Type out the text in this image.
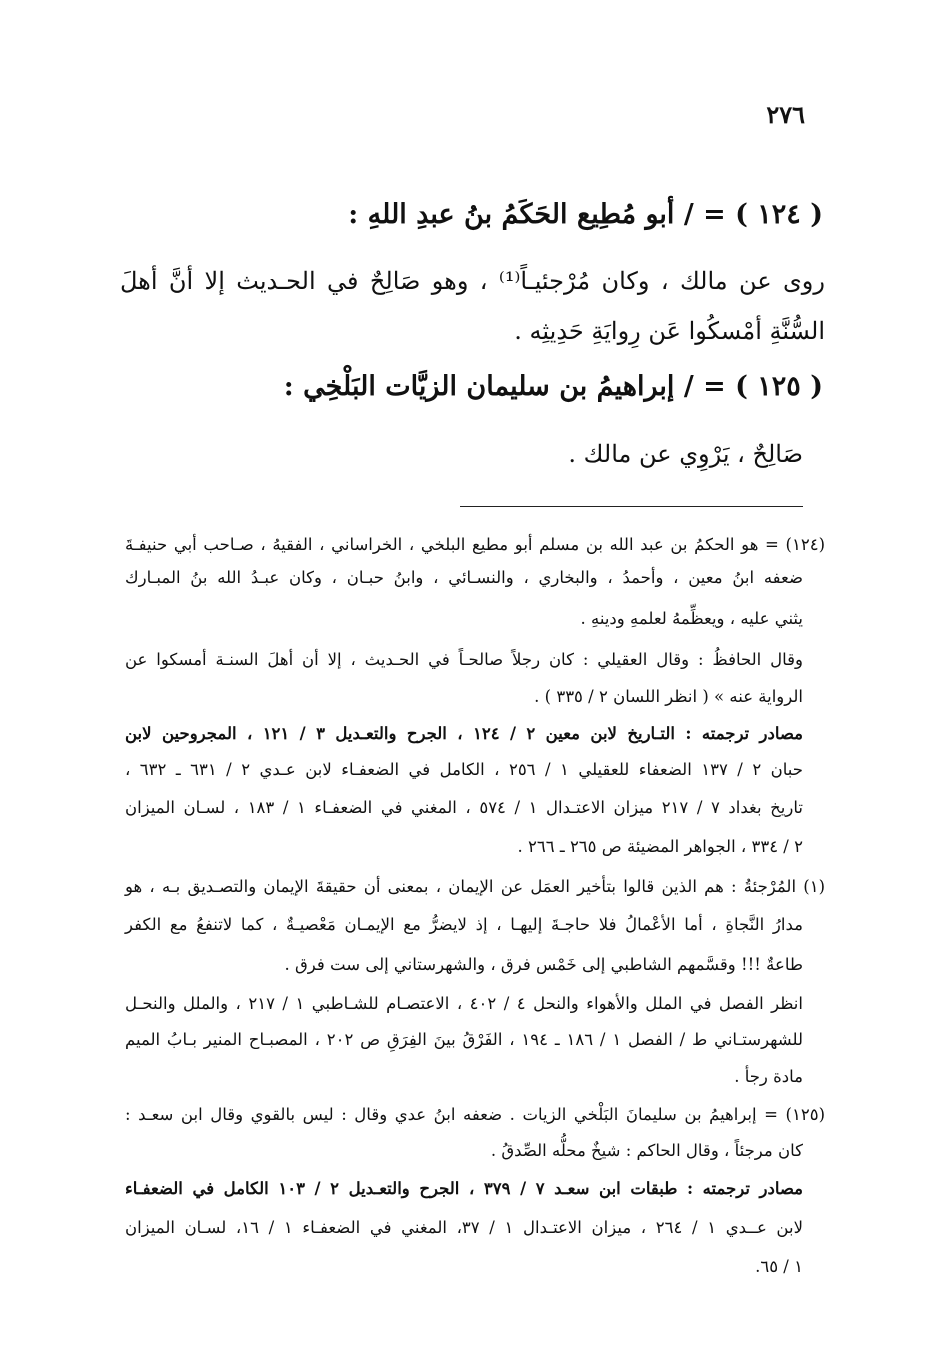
٢٧٦
( ١٢٤ ) = / أبو مُطِيع الحَكَمُ بنُ عبدِ اللهِ :
روى عن مالك ، وكان مُرْجئيـاً⁽¹⁾ ، وهو صَالِحٌ في الحـديث إلا أنَّ أهلَ
السُّنَّةِ أمْسكُوا عَن رِوايَةِ حَدِيثِه .
( ١٢٥ ) = / إبراهيمُ بن سليمان الزيَّات البَلْخِي :
صَالِحٌ ، يَرْوِي عن مالك .
(١٢٤) = هو الحكمُ بن عبد الله بن مسلم أبو مطيع البلخي ، الخراساني ، الفقيهُ ، صـاحب أبي حنيفـةَ
ضعفه ابنُ معين ، وأحمدُ ، والبخاري ، والنسـائي ، وابنُ حبـان ، وكان عبـدُ الله بنُ المبـارك
يثني عليه ، ويعظِّمهُ لعلمهِ ودينهِ .
وقال الحافظُ : وقال العقيلي : كان رجلاً صالحـاً في الحـديث ، إلا أن أهلَ السنـة أمسكوا عن
الرواية عنه » ( انظر اللسان ٢ / ٣٣٥ ) .
مصادر ترجمته : التـاريخ لابن معين ٢ / ١٢٤ ، الجرح والتعـديل ٣ / ١٢١ ، المجروحين لابن
حبان ٢ / ١٣٧ الضعفاء للعقيلي ١ / ٢٥٦ ، الكامل في الضعفـاء لابن عـدي ٢ / ٦٣١ ـ ٦٣٢ ،
تاريخ بغداد ٧ / ٢١٧ ميزان الاعتـدال ١ / ٥٧٤ ، المغني في الضعفـاء ١ / ١٨٣ ، لسـان الميزان
٢ / ٣٣٤ ، الجواهر المضيئة ص ٢٦٥ ـ ٢٦٦ .
(١) المُرْجئةُ : هم الذين قالوا بتأخير العمَل عن الإيمان ، بمعنى أن حقيقةَ الإيمان والتصـديق بـه ، هو
مدارُ النَّجاةِ ، أما الأعْمالُ فلا حاجـةَ إليهـا ، إذ لايضرُّ مع الإيمـان مَعْصيـةٌ ، كما لاتنفعُ مع الكفر
طاعةٌ !!! وقسَّمهم الشاطبي إلى خَمْس فرق ، والشهرستاني إلى ست فرق .
انظر الفصل في الملل والأهواء والنحل ٤ / ٤٠٢ ، الاعتصـام للشـاطبي ١ / ٢١٧ ، والملل والنحـل
للشهرستـاني ط / الفصل ١ / ١٨٦ ـ ١٩٤ ، الفَرْقُ بينَ الفِرَقِ ص ٢٠٢ ، المصبـاح المنير بـابُ الميم
مادة رجأ .
(١٢٥) = إبراهيمُ بن سليمانَ البَلْخي الزيات . ضعفه ابنُ عدي وقال : ليس بالقوي وقال ابن سعـد :
كان مرجئاً ، وقال الحاكم : شيخٌ محلُّه الصِّدقُ .
مصادر ترجمته : طبقات ابن سعـد ٧ / ٣٧٩ ، الجرح والتعـديل ٢ / ١٠٣ الكامل في الضعفـاء
لابن عــدي ١ / ٢٦٤ ، ميزان الاعتـدال ١ / ٣٧، المغني في الضعفـاء ١ / ١٦، لسـان الميزان
١ / ٦٥.
